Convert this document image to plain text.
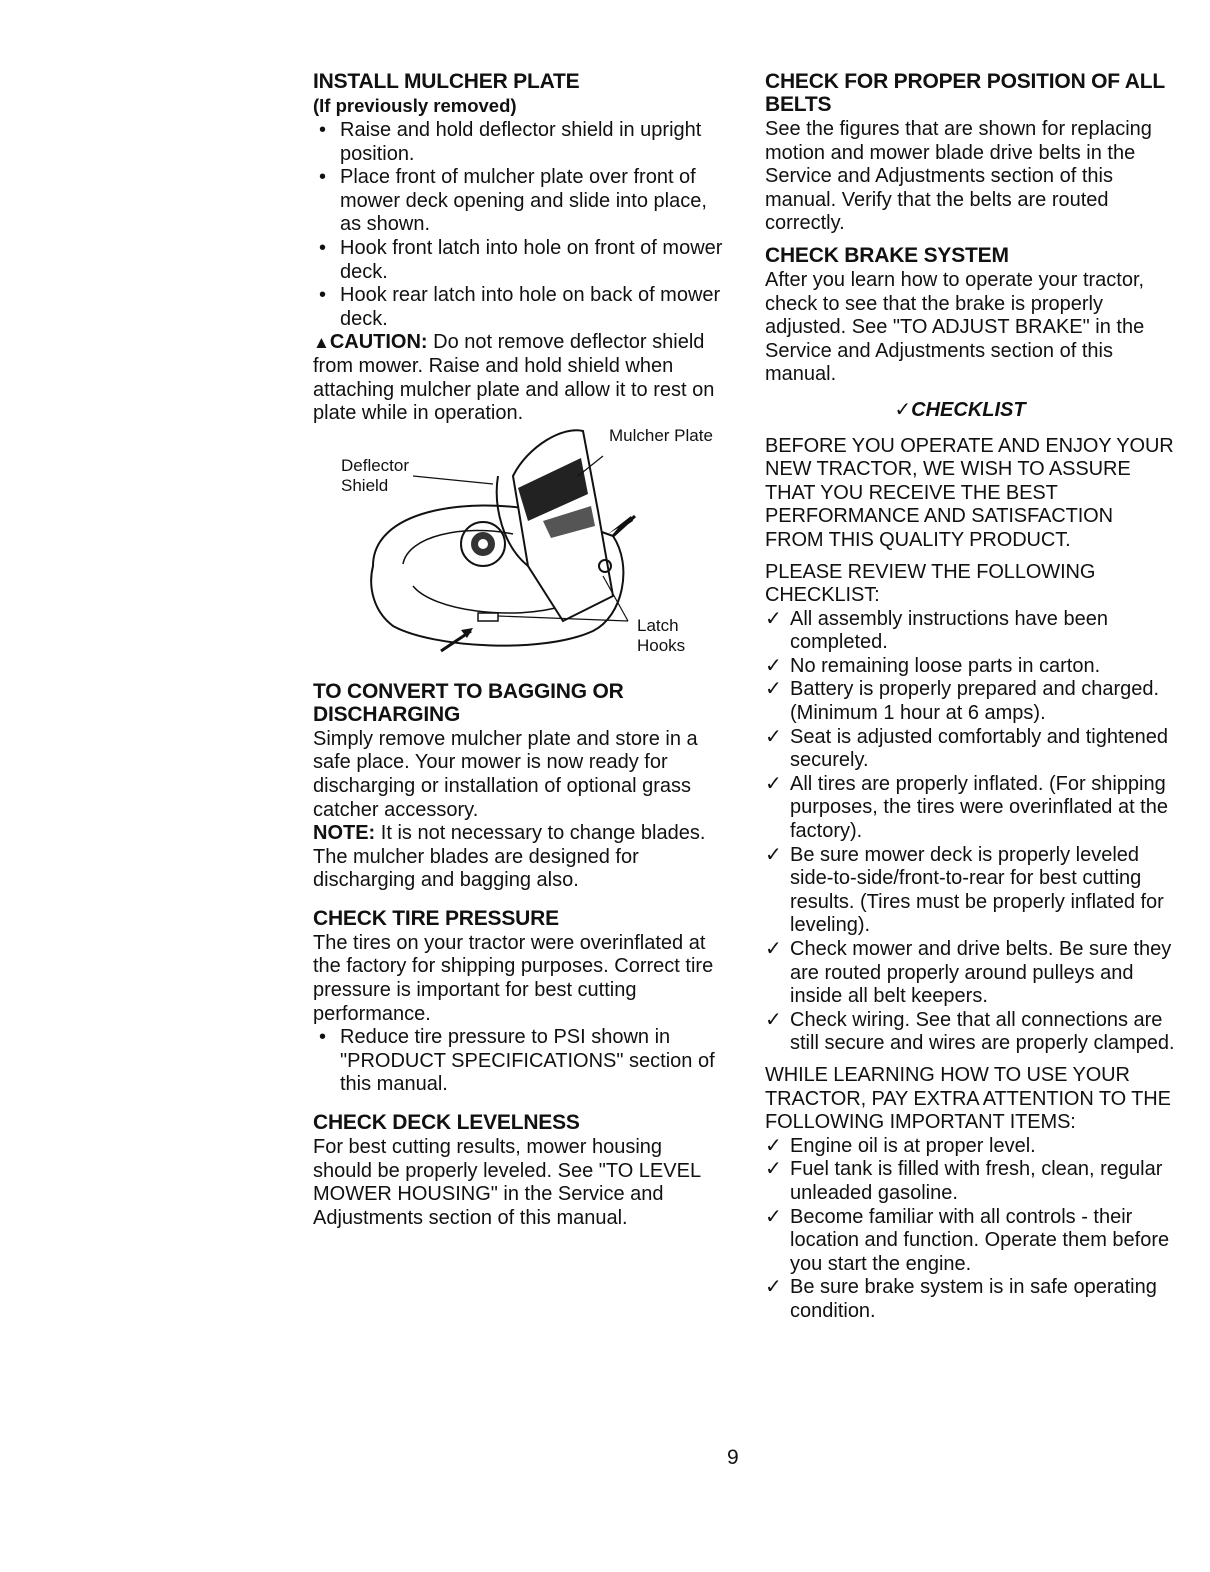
INSTALL MULCHER PLATE
(If previously removed)
• Raise and hold deflector shield in upright position.
• Place front of mulcher plate over front of mower deck opening and slide into place, as shown.
• Hook front latch into hole on front of mower deck.
• Hook rear latch into hole on back of mower deck.

▲CAUTION: Do not remove deflector shield from mower. Raise and hold shield when attaching mulcher plate and allow it to rest on plate while in operation.

Mulcher Plate
Deflector Shield
Latch Hooks
TO CONVERT TO BAGGING OR DISCHARGING

Simply remove mulcher plate and store in a safe place. Your mower is now ready for discharging or installation of optional grass catcher accessory.

NOTE: It is not necessary to change blades. The mulcher blades are designed for discharging and bagging also.

CHECK TIRE PRESSURE

The tires on your tractor were overinflated at the factory for shipping purposes. Correct tire pressure is important for best cutting performance.

• Reduce tire pressure to PSI shown in "PRODUCT SPECIFICATIONS" section of this manual.
CHECK DECK LEVELNESS

For best cutting results, mower housing should be properly leveled. See "TO LEVEL MOWER HOUSING" in the Service and Adjustments section of this manual.

CHECK FOR PROPER POSITION OF ALL BELTS

See the figures that are shown for replacing motion and mower blade drive belts in the Service and Adjustments section of this manual. Verify that the belts are routed correctly.

CHECK BRAKE SYSTEM

After you learn how to operate your tractor, check to see that the brake is properly adjusted. See "TO ADJUST BRAKE" in the Service and Adjustments section of this manual.

✓CHECKLIST

BEFORE YOU OPERATE AND ENJOY YOUR NEW TRACTOR, WE WISH TO ASSURE THAT YOU RECEIVE THE BEST PERFORMANCE AND SATISFACTION FROM THIS QUALITY PRODUCT.

PLEASE REVIEW THE FOLLOWING CHECKLIST:

✓ All assembly instructions have been completed.
✓ No remaining loose parts in carton.
✓ Battery is properly prepared and charged. (Minimum 1 hour at 6 amps).
✓ Seat is adjusted comfortably and tightened securely.
✓ All tires are properly inflated. (For shipping purposes, the tires were overinflated at the factory).
✓ Be sure mower deck is properly leveled side-to-side/front-to-rear for best cutting results. (Tires must be properly inflated for leveling).
✓ Check mower and drive belts. Be sure they are routed properly around pulleys and inside all belt keepers.
✓ Check wiring. See that all connections are still secure and wires are properly clamped.

WHILE LEARNING HOW TO USE YOUR TRACTOR, PAY EXTRA ATTENTION TO THE FOLLOWING IMPORTANT ITEMS:

✓ Engine oil is at proper level.
✓ Fuel tank is filled with fresh, clean, regular unleaded gasoline.
✓ Become familiar with all controls - their location and function. Operate them before you start the engine.
✓ Be sure brake system is in safe operating condition.
9
